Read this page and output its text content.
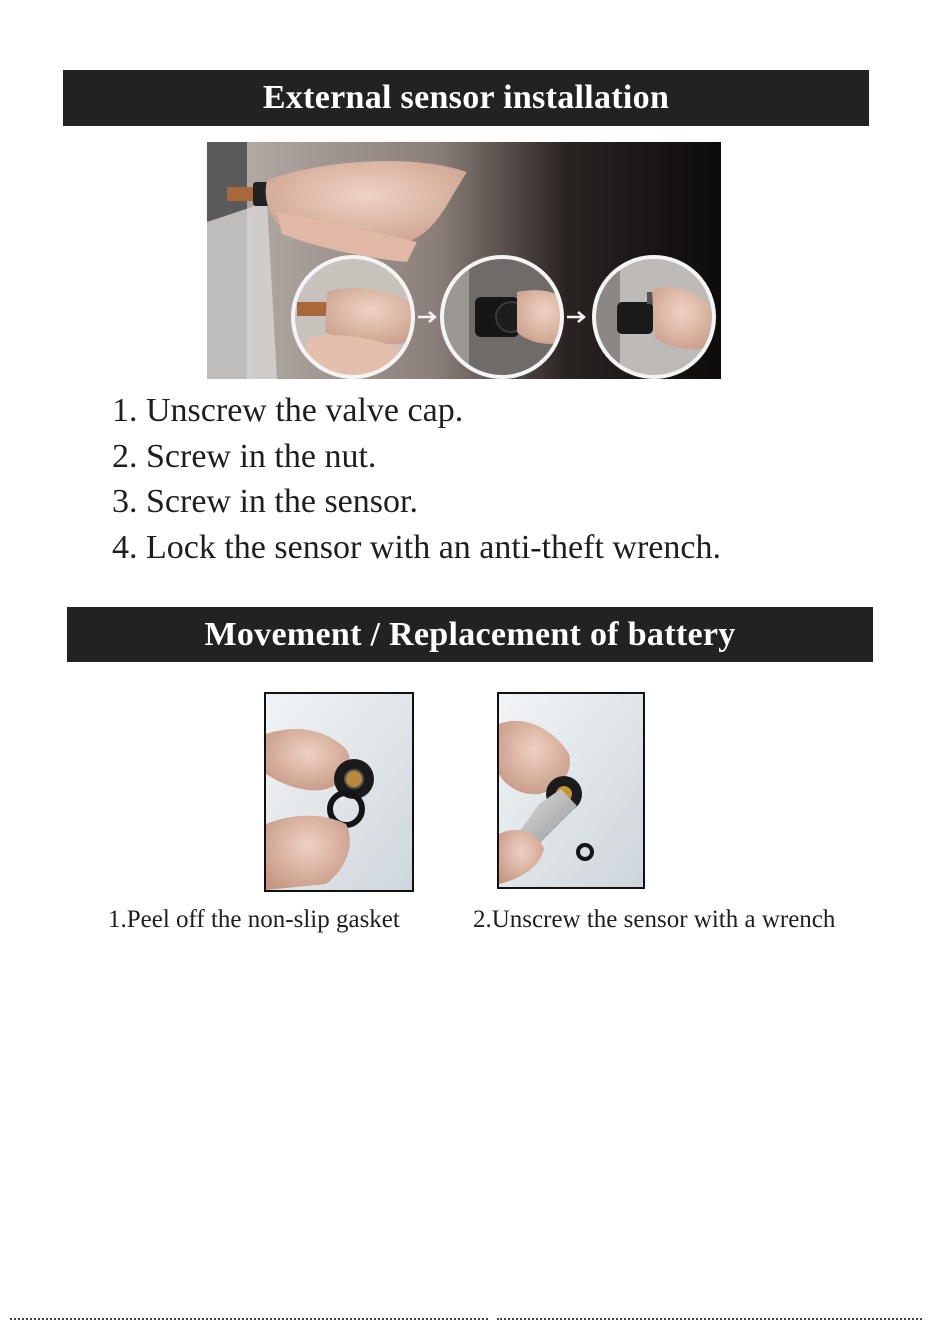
External sensor installation
1. Unscrew the valve cap.
2. Screw in the nut.
3. Screw in the sensor.
4. Lock the sensor with an anti-theft wrench.
Movement / Replacement of battery
1.Peel off the non-slip gasket	2.Unscrew the sensor with a wrench
